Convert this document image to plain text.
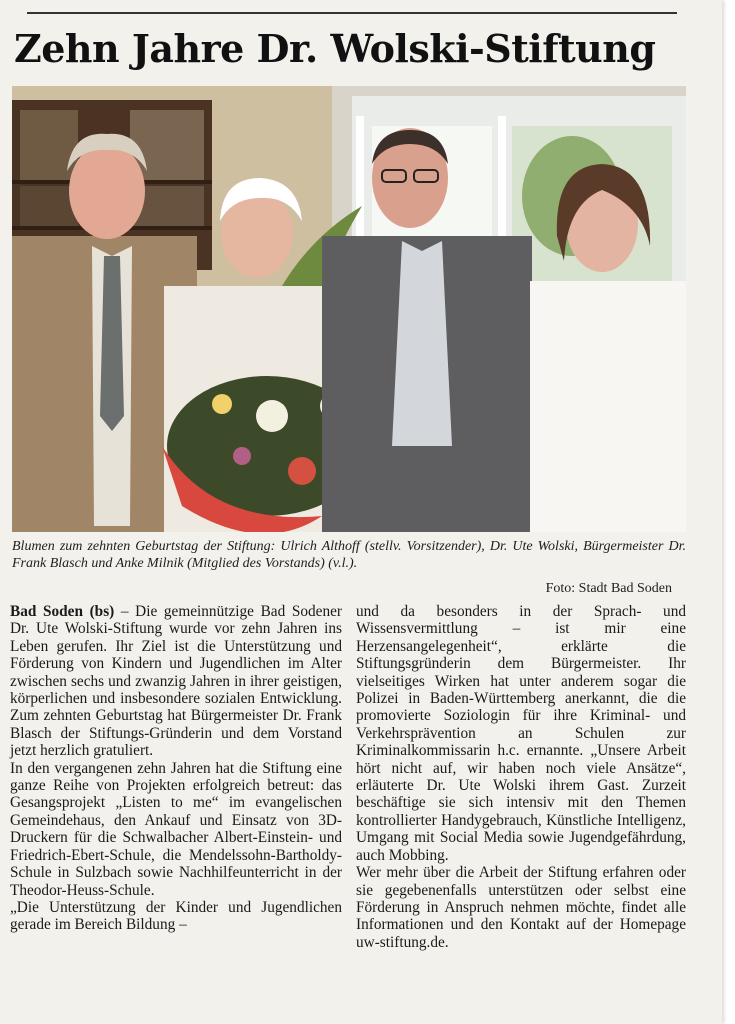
Zehn Jahre Dr. Wolski-Stiftung

Blumen zum zehnten Geburtstag der Stiftung: Ulrich Althoff (stellv. Vorsitzender), Dr. Ute Wolski, Bürgermeister Dr. Frank Blasch und Anke Milnik (Mitglied des Vorstands) (v.l.).

Foto: Stadt Bad Soden

Bad Soden (bs) – Die gemeinnützige Bad Sodener Dr. Ute Wolski-Stiftung wurde vor zehn Jahren ins Leben gerufen. Ihr Ziel ist die Unterstützung und Förderung von Kindern und Jugendlichen im Alter zwischen sechs und zwanzig Jahren in ihrer geistigen, körperlichen und insbesondere sozialen Entwicklung. Zum zehnten Geburtstag hat Bürgermeister Dr. Frank Blasch der Stiftungs-Gründerin und dem Vorstand jetzt herzlich gratuliert.

In den vergangenen zehn Jahren hat die Stiftung eine ganze Reihe von Projekten erfolgreich betreut: das Gesangsprojekt „Listen to me“ im evangelischen Gemeindehaus, den Ankauf und Einsatz von 3D-Druckern für die Schwalbacher Albert-Einstein- und Friedrich-Ebert-Schule, die Mendelssohn-Bartholdy-Schule in Sulzbach sowie Nachhilfeunterricht in der Theodor-Heuss-Schule.

„Die Unterstützung der Kinder und Jugendlichen gerade im Bereich Bildung –

und da besonders in der Sprach- und Wissensvermittlung – ist mir eine Herzensangelegenheit“, erklärte die Stiftungsgründerin dem Bürgermeister. Ihr vielseitiges Wirken hat unter anderem sogar die Polizei in Baden-Württemberg anerkannt, die die promovierte Soziologin für ihre Kriminal- und Verkehrsprävention an Schulen zur Kriminalkommissarin h.c. ernannte. „Unsere Arbeit hört nicht auf, wir haben noch viele Ansätze“, erläuterte Dr. Ute Wolski ihrem Gast. Zurzeit beschäftige sie sich intensiv mit den Themen kontrollierter Handygebrauch, Künstliche Intelligenz, Umgang mit Social Media sowie Jugendgefährdung, auch Mobbing.

Wer mehr über die Arbeit der Stiftung erfahren oder sie gegebenenfalls unterstützen oder selbst eine Förderung in Anspruch nehmen möchte, findet alle Informationen und den Kontakt auf der Homepage uw-stiftung.de.
